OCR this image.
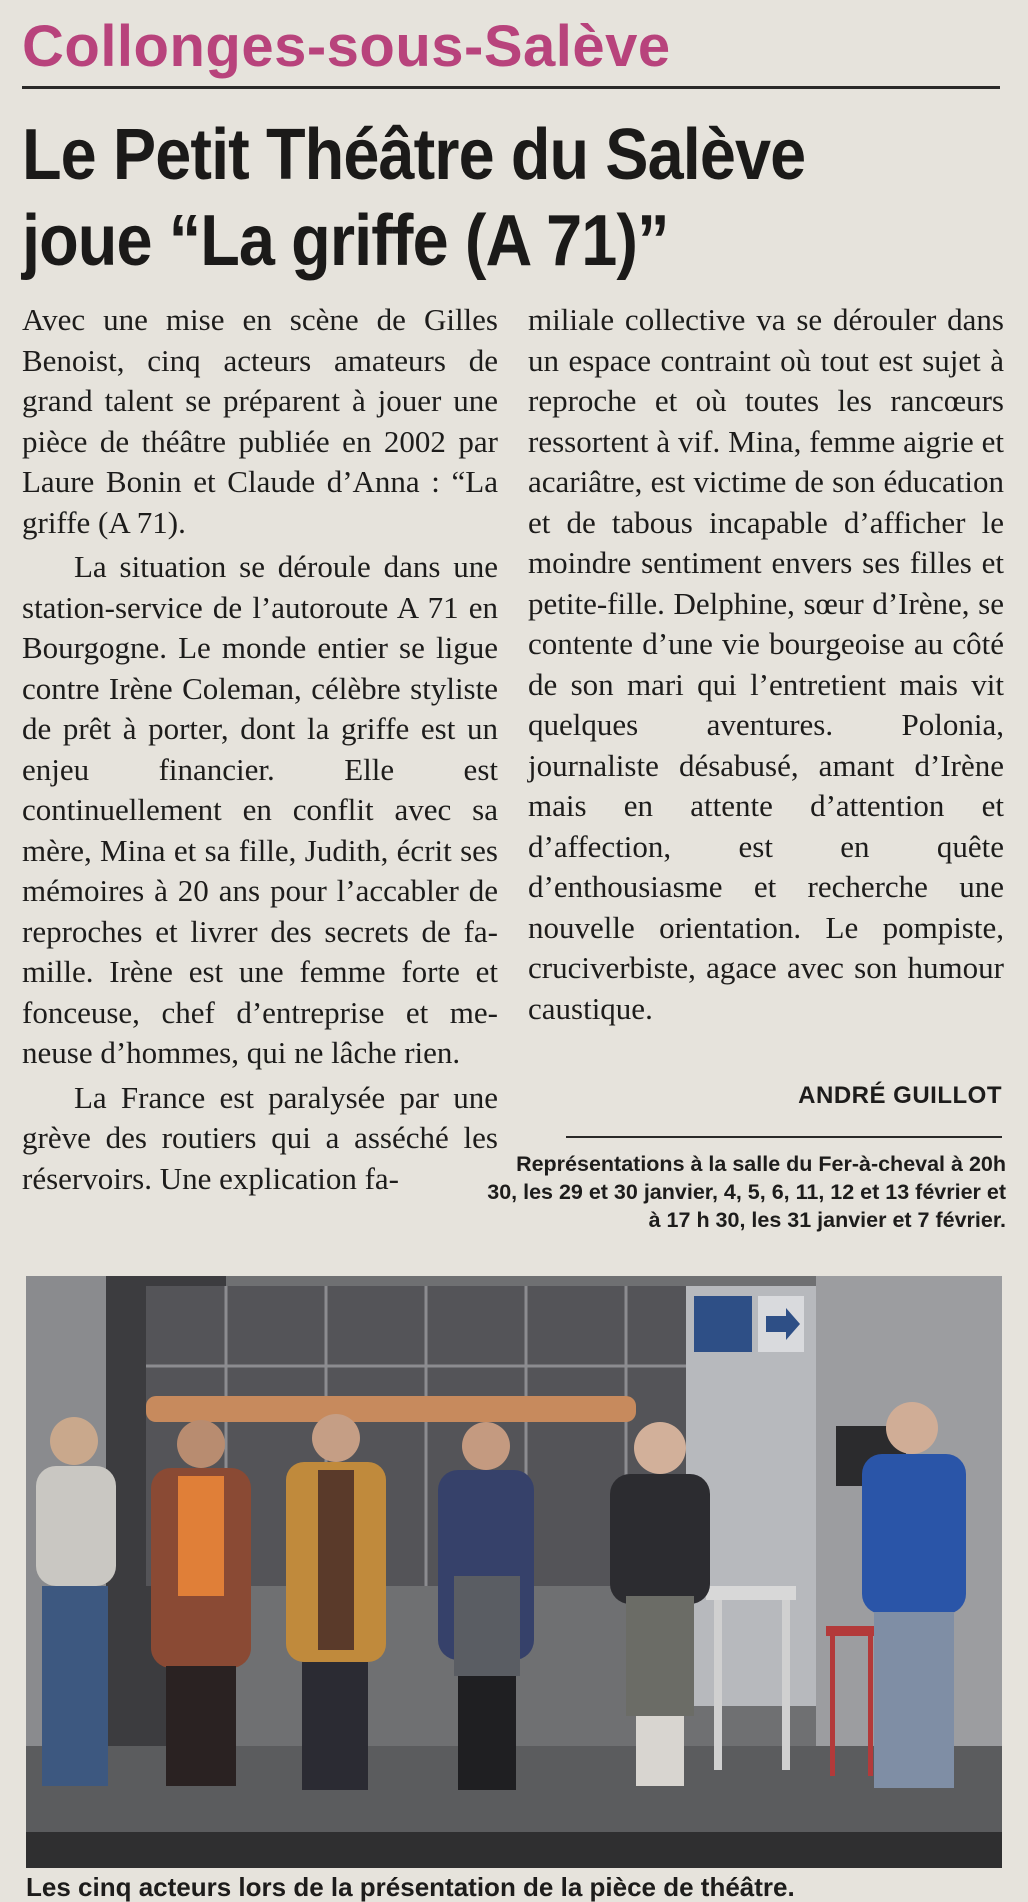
Collonges-sous-Salève
Le Petit Théâtre du Salève
joue “La griffe (A 71)”

Avec une mise en scène de Gilles Benoist, cinq acteurs amateurs de grand talent se préparent à jouer une pièce de théâtre publiée en 2002 par Laure Bonin et Claude d’Anna : “La griffe (A 71).

La situation se déroule dans une station-service de l’autoroute A 71 en Bourgogne. Le monde entier se ligue contre Irène Coleman, célèbre styliste de prêt à porter, dont la griffe est un enjeu financier. Elle est continuellement en conflit avec sa mère, Mina et sa fille, Judith, écrit ses mémoires à 20 ans pour l’accabler de reproches et livrer des secrets de famille. Irène est une femme forte et fonceuse, chef d’entreprise et meneuse d’hommes, qui ne lâche rien.

La France est paralysée par une grève des routiers qui a asséché les réservoirs. Une explication fa-

miliale collective va se dérouler dans un espace contraint où tout est sujet à reproche et où toutes les rancœurs ressortent à vif. Mina, femme aigrie et acariâtre, est victime de son éducation et de tabous incapable d’afficher le moindre sentiment envers ses filles et petite-fille. Delphine, sœur d’Irène, se contente d’une vie bourgeoise au côté de son mari qui l’entretient mais vit quelques aventures. Polonia, journaliste désabusé, amant d’Irène mais en attente d’attention et d’affection, est en quête d’enthousiasme et recherche une nouvelle orientation. Le pompiste, cruciverbiste, agace avec son humour caustique.

ANDRÉ GUILLOT
Représentations à la salle du Fer-à-cheval à 20h 30, les 29 et 30 janvier, 4, 5, 6, 11, 12 et 13 février et à 17 h 30, les 31 janvier et 7 février.
Les cinq acteurs lors de la présentation de la pièce de théâtre.
